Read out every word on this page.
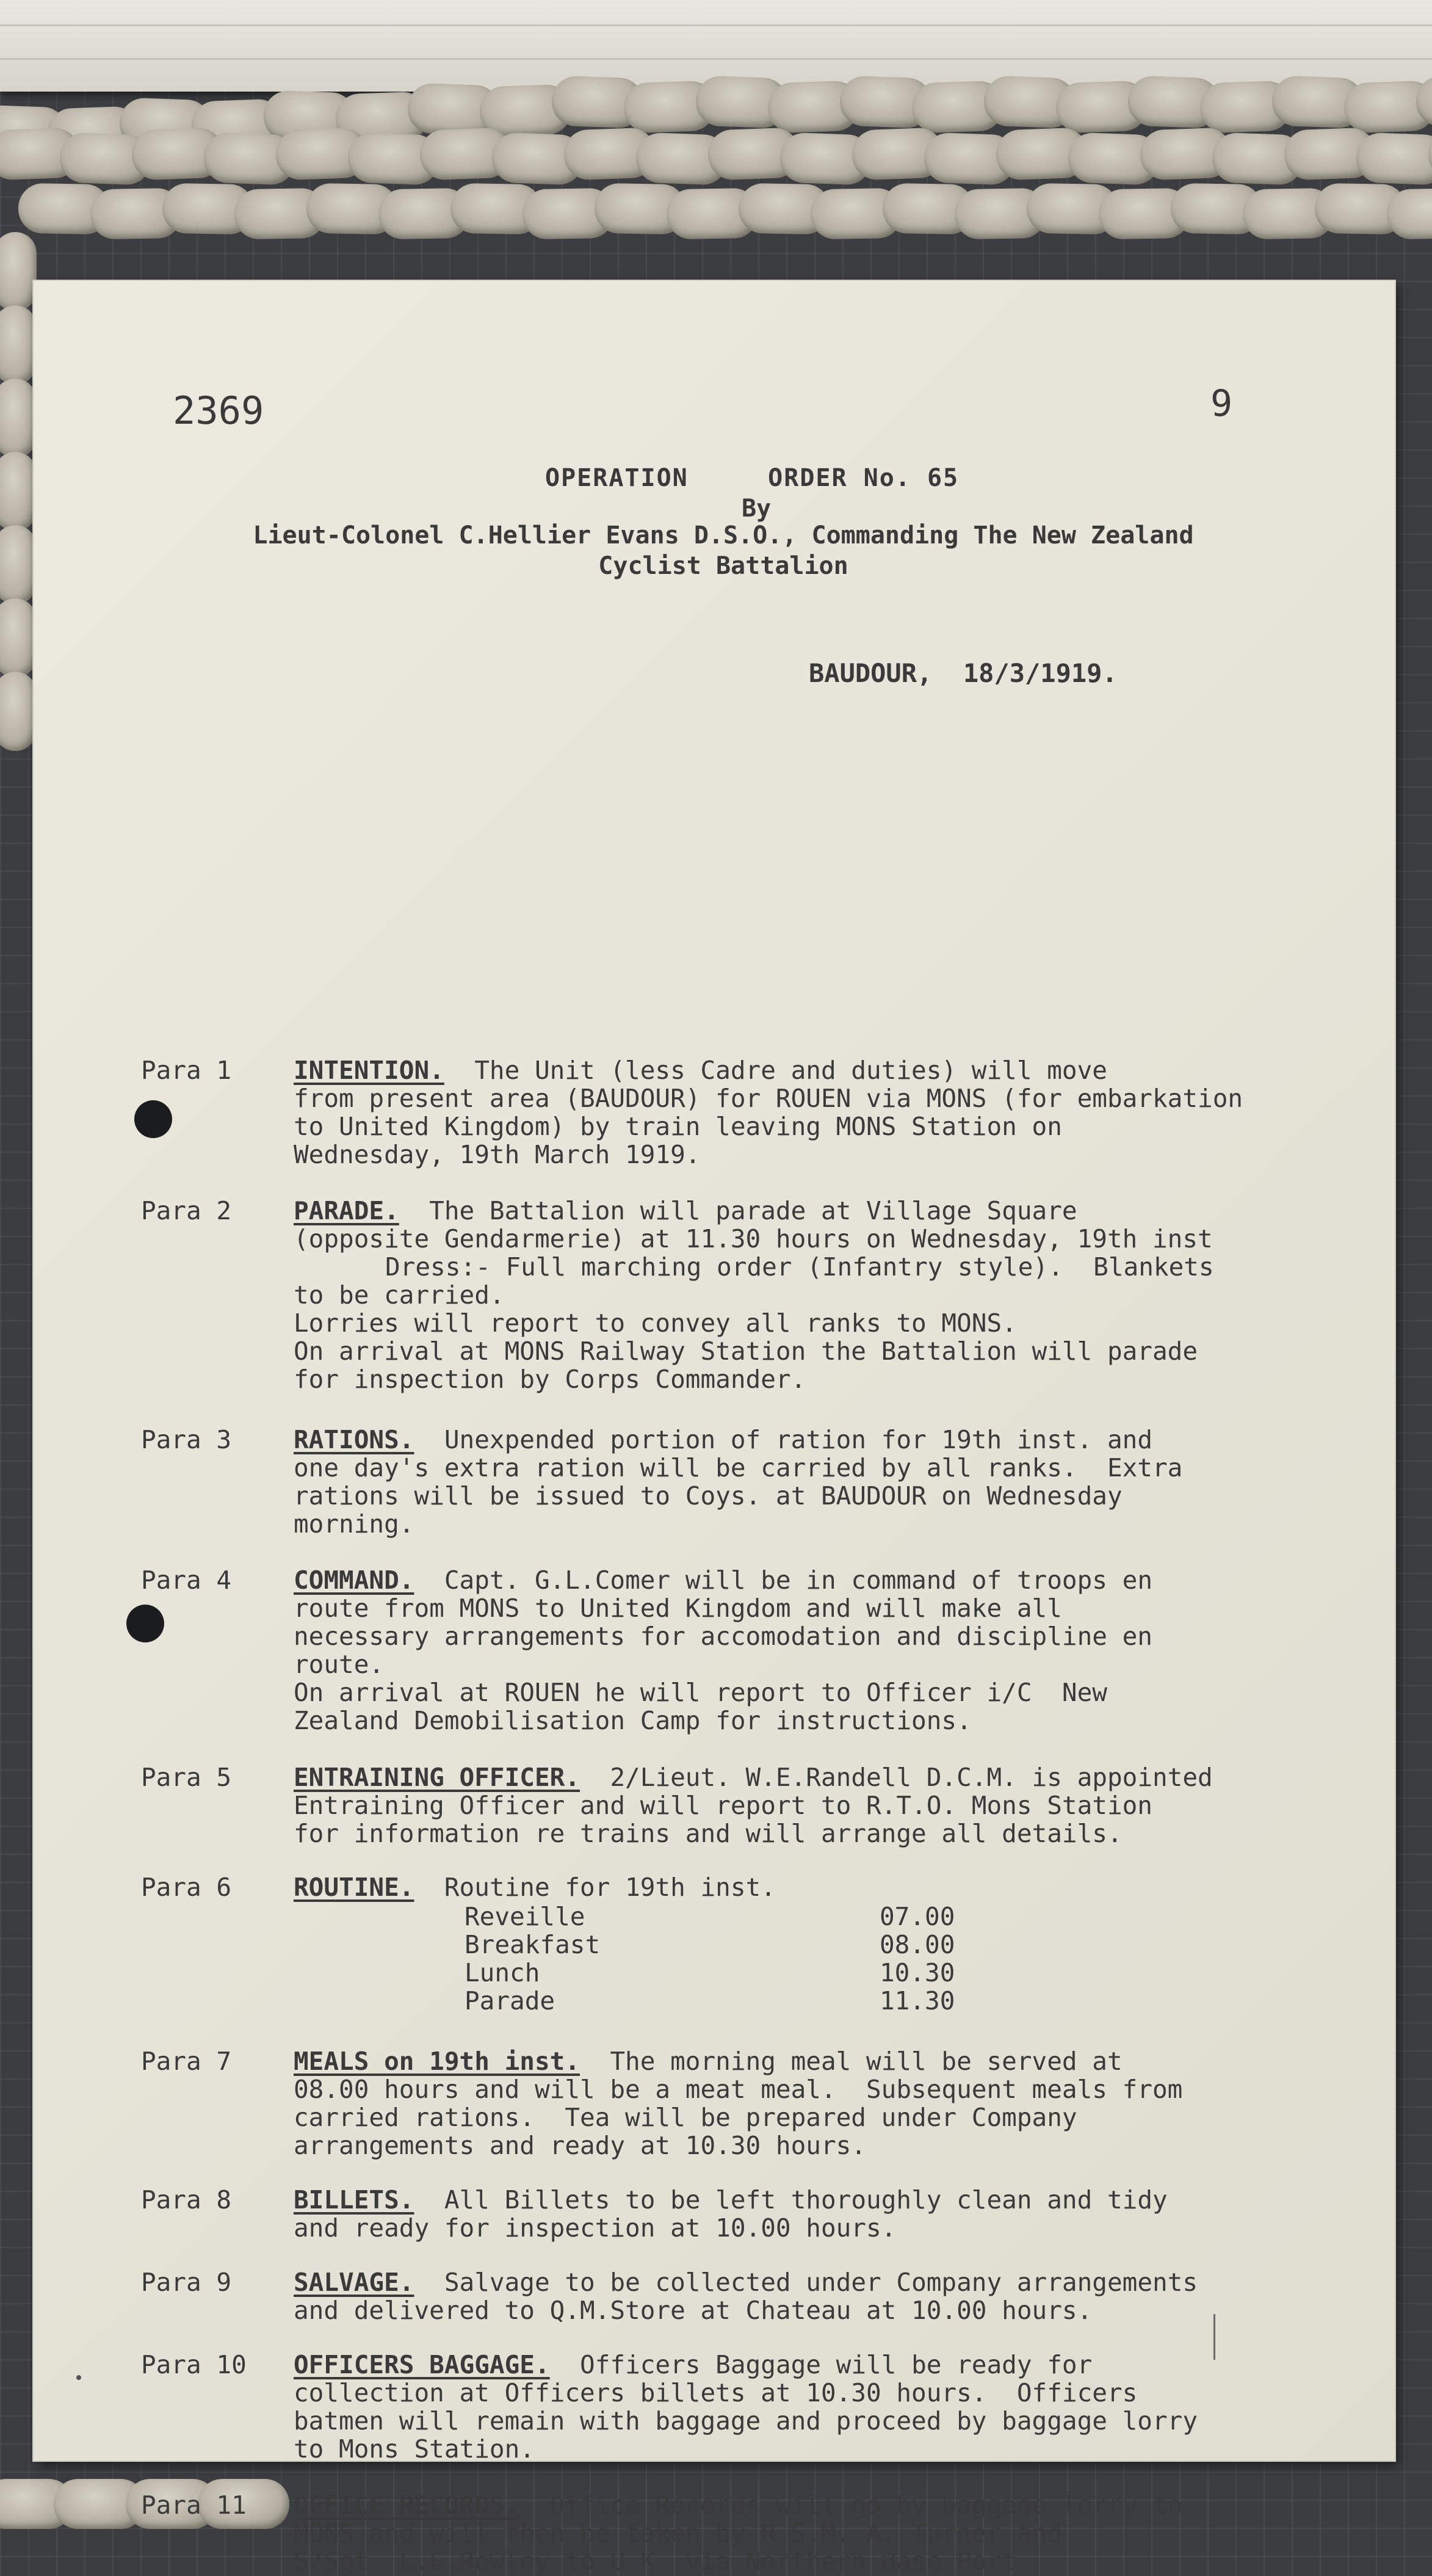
2369	9
OPERATION     ORDER No. 65
By
Lieut-Colonel C.Hellier Evans D.S.O., Commanding The New Zealand
Cyclist Battalion
BAUDOUR,  18/3/1919.
Para 1	INTENTION. The Unit (less Cadre and duties) will move
from present area (BAUDOUR) for ROUEN via MONS (for embarkation
to United Kingdom) by train leaving MONS Station on
Wednesday, 19th March 1919.
Para 2	PARADE. The Battalion will parade at Village Square
(opposite Gendarmerie) at 11.30 hours on Wednesday, 19th inst
Dress:- Full marching order (Infantry style).  Blankets
to be carried.
Lorries will report to convey all ranks to MONS.
On arrival at MONS Railway Station the Battalion will parade
for inspection by Corps Commander.
Para 3	RATIONS. Unexpended portion of ration for 19th inst. and
one day's extra ration will be carried by all ranks.  Extra
rations will be issued to Coys. at BAUDOUR on Wednesday
morning.
Para 4	COMMAND. Capt. G.L.Comer will be in command of troops en
route from MONS to United Kingdom and will make all
necessary arrangements for accomodation and discipline en
route.
On arrival at ROUEN he will report to Officer i/C  New
Zealand Demobilisation Camp for instructions.
Para 5	ENTRAINING OFFICER. 2/Lieut. W.E.Randell D.C.M. is appointed
Entraining Officer and will report to R.T.O. Mons Station
for information re trains and will arrange all details.
Para 6	ROUTINE. Routine for 19th inst.
Reveille	07.00
Breakfast	08.00
Lunch	10.30
Parade	11.30
Para 7	MEALS on 19th inst. The morning meal will be served at
08.00 hours and will be a meat meal.  Subsequent meals from
carried rations.  Tea will be prepared under Company
arrangements and ready at 10.30 hours.
Para 8	BILLETS. All Billets to be left thoroughly clean and tidy
and ready for inspection at 10.00 hours.
Para 9	SALVAGE. Salvage to be collected under Company arrangements
and delivered to Q.M.Store at Chateau at 10.00 hours.
Para 10	OFFICERS BAGGAGE. Officers Baggage will be ready for
collection at Officers billets at 10.30 hours.  Officers
batmen will remain with baggage and proceed by baggage lorry
to Mons Station.
Para 11	OFFICE RECORDS. Office Records will go by baggage lorry to
MONS and will then be taken by R.S.M. A. Turner and
S/Sgt. L.E.Rowley to U.K. via Northern Base Port.
